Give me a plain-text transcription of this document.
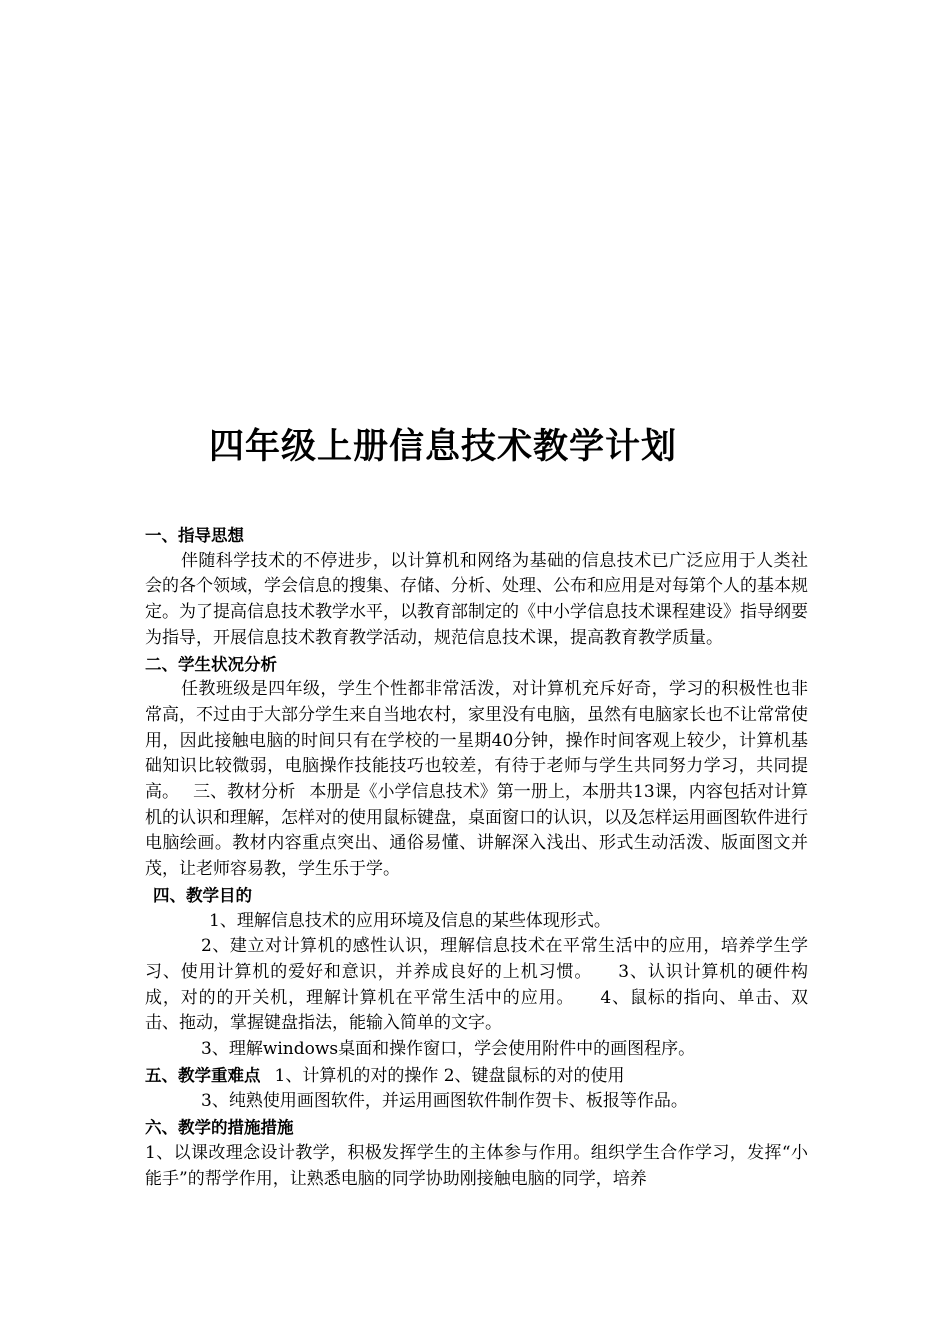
四年级上册信息技术教学计划

一、指导思想

伴随科学技术的不停进步，以计算机和网络为基础的信息技术已广泛应用于人类社会的各个领域，学会信息的搜集、存储、分析、处理、公布和应用是对每第个人的基本规定。为了提高信息技术教学水平，以教育部制定的《中小学信息技术课程建设》指导纲要为指导，开展信息技术教育教学活动，规范信息技术课，提高教育教学质量。

二、学生状况分析

任教班级是四年级，学生个性都非常活泼，对计算机充斥好奇，学习的积极性也非常高，不过由于大部分学生来自当地农村，家里没有电脑，虽然有电脑家长也不让常常使用，因此接触电脑的时间只有在学校的一星期40分钟，操作时间客观上较少，计算机基础知识比较微弱，电脑操作技能技巧也较差，有待于老师与学生共同努力学习，共同提高。 三、教材分析 本册是《小学信息技术》第一册上，本册共13课，内容包括对计算机的认识和理解，怎样对的使用鼠标键盘，桌面窗口的认识，以及怎样运用画图软件进行电脑绘画。教材内容重点突出、通俗易懂、讲解深入浅出、形式生动活泼、版面图文并茂，让老师容易教，学生乐于学。

四、教学目的

1、理解信息技术的应用环境及信息的某些体现形式。

2、建立对计算机的感性认识，理解信息技术在平常生活中的应用，培养学生学习、使用计算机的爱好和意识，并养成良好的上机习惯。 3、认识计算机的硬件构成，对的的开关机，理解计算机在平常生活中的应用。 4、鼠标的指向、单击、双击、拖动，掌握键盘指法，能输入简单的文字。

3、理解windows桌面和操作窗口，学会使用附件中的画图程序。

五、教学重难点 1、计算机的对的操作 2、键盘鼠标的对的使用

3、纯熟使用画图软件，并运用画图软件制作贺卡、板报等作品。

六、教学的措施措施

1、以课改理念设计教学，积极发挥学生的主体参与作用。组织学生合作学习，发挥“小能手”的帮学作用，让熟悉电脑的同学协助刚接触电脑的同学，培养
